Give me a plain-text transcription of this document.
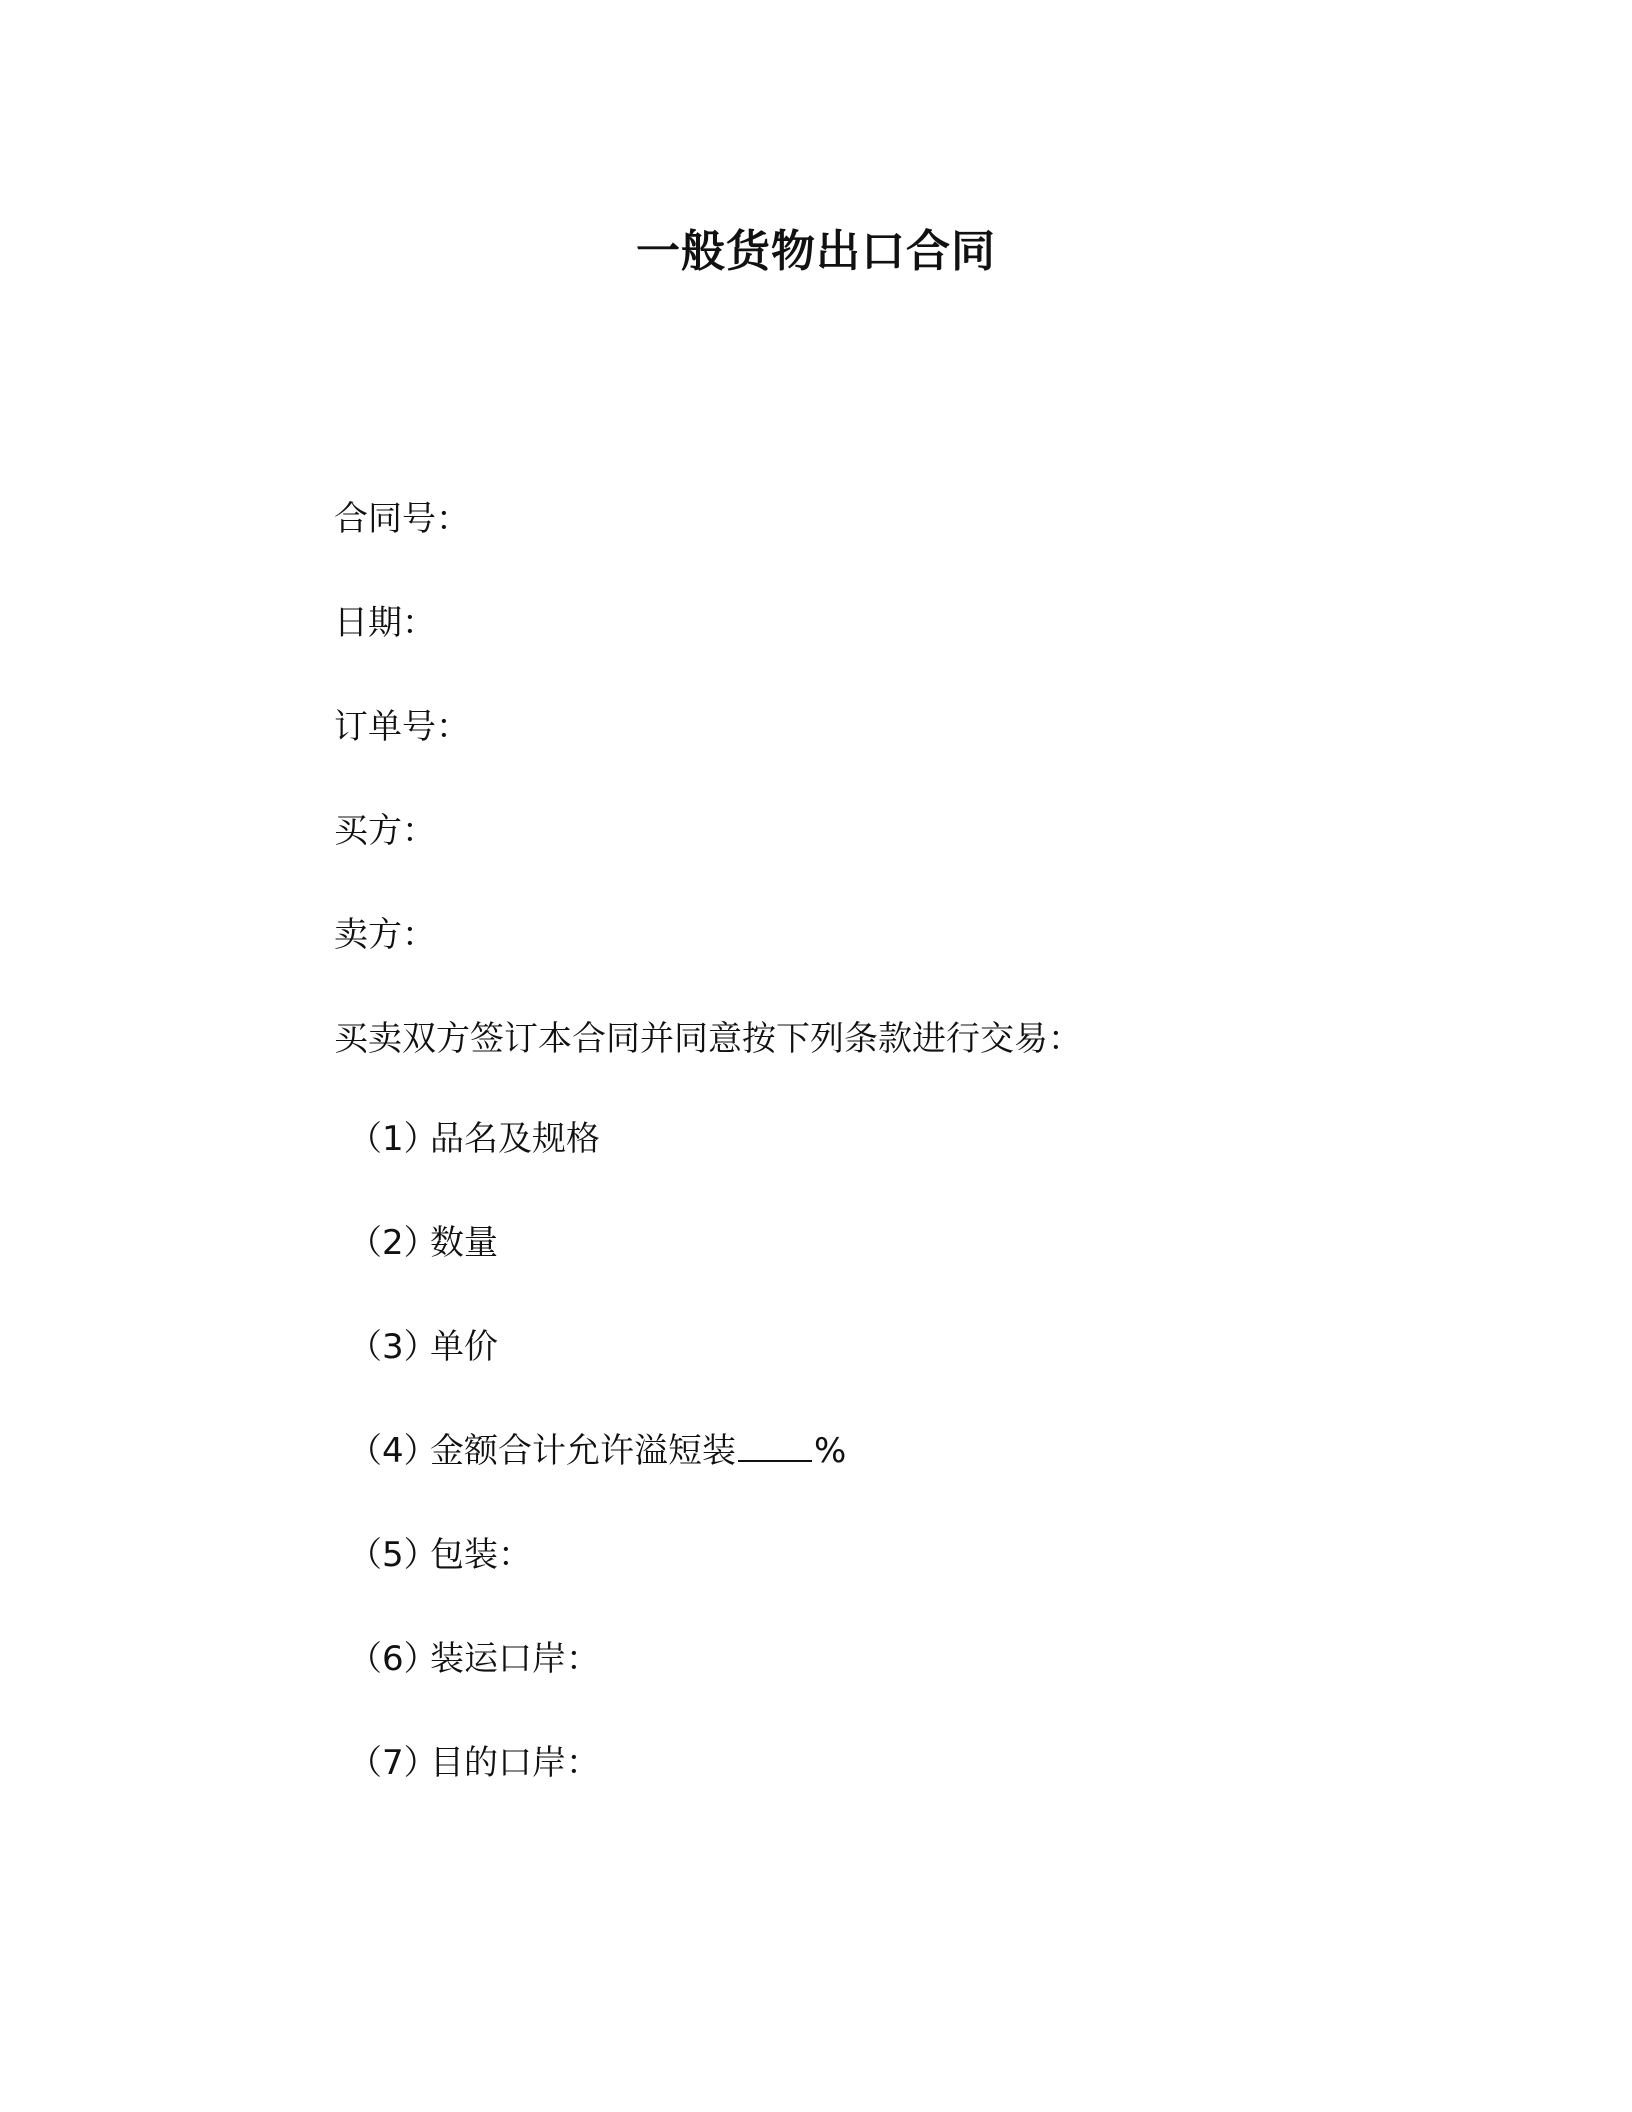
一般货物出口合同
合同号：
日期：
订单号：
买方：
卖方：
买卖双方签订本合同并同意按下列条款进行交易：
（1）品名及规格
（2）数量
（3）单价
（4）金额合计允许溢短装 %
（5）包装：
（6）装运口岸：
（7）目的口岸：
